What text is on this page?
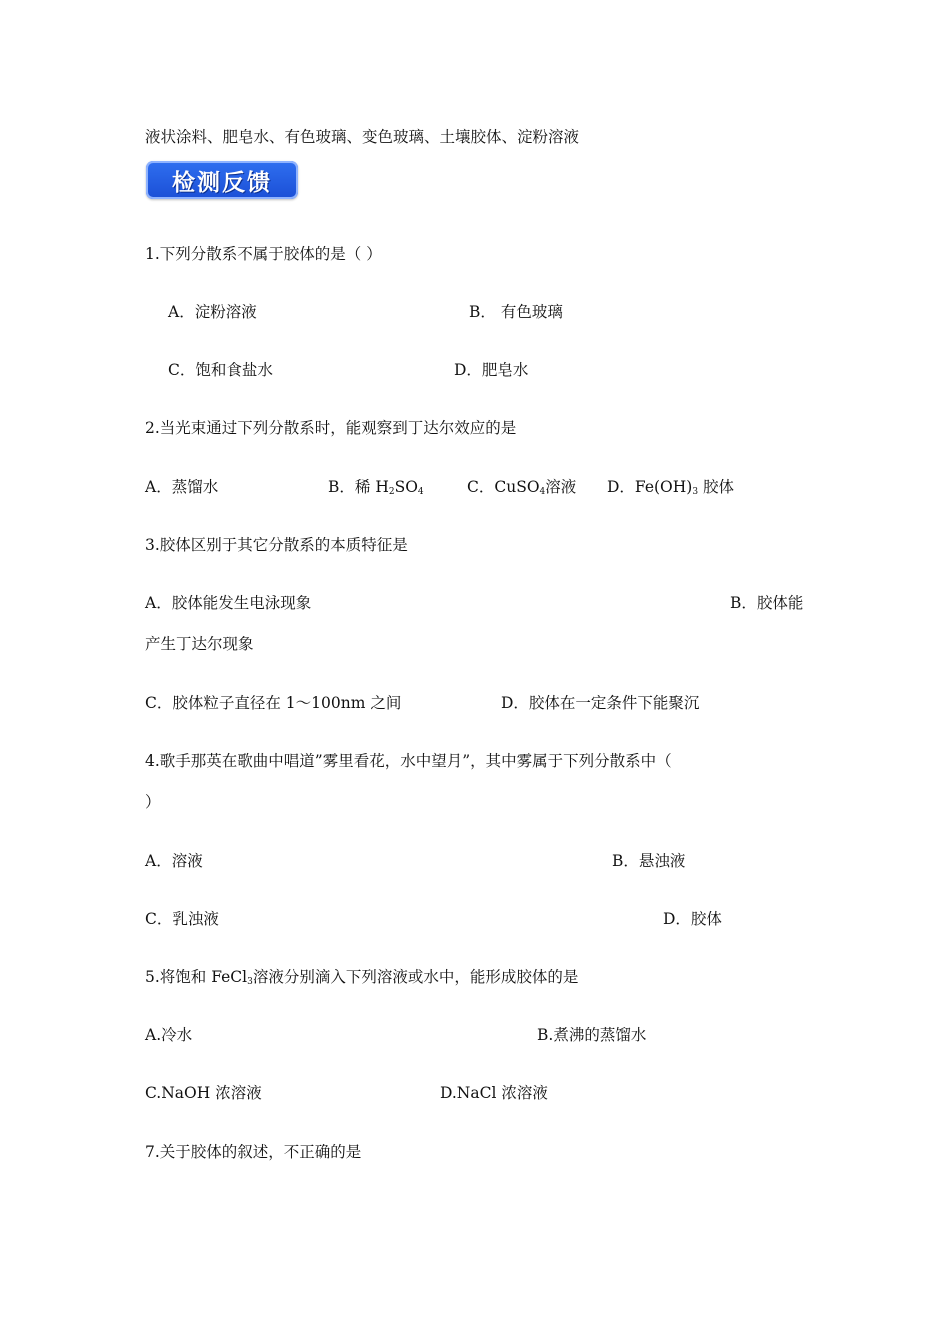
液状涂料、肥皂水、有色玻璃、变色玻璃、土壤胶体、淀粉溶液
检测反馈
1.下列分散系不属于胶体的是（ ）
A．淀粉溶液	B． 有色玻璃
C．饱和食盐水	D．肥皂水
2.当光束通过下列分散系时，能观察到丁达尔效应的是
A．蒸馏水	B．稀 $H_2SO_4$	C．CuSO$_4$溶液 D．$Fe(OH)_3$ 胶体
3.胶体区别于其它分散系的本质特征是
A．胶体能发生电泳现象	B．胶体能
产生丁达尔现象
C．胶体粒子直径在 1～100nm 之间	D．胶体在一定条件下能聚沉
4.歌手那英在歌曲中唱道”雾里看花，水中望月”，其中雾属于下列分散系中（
）
A．溶液	B．悬浊液
C．乳浊液	D．胶体
5.将饱和 FeCl$_3$溶液分别滴入下列溶液或水中，能形成胶体的是
A.冷水	B.煮沸的蒸馏水
C.NaOH 浓溶液	D.NaCl 浓溶液
7.关于胶体的叙述，不正确的是
